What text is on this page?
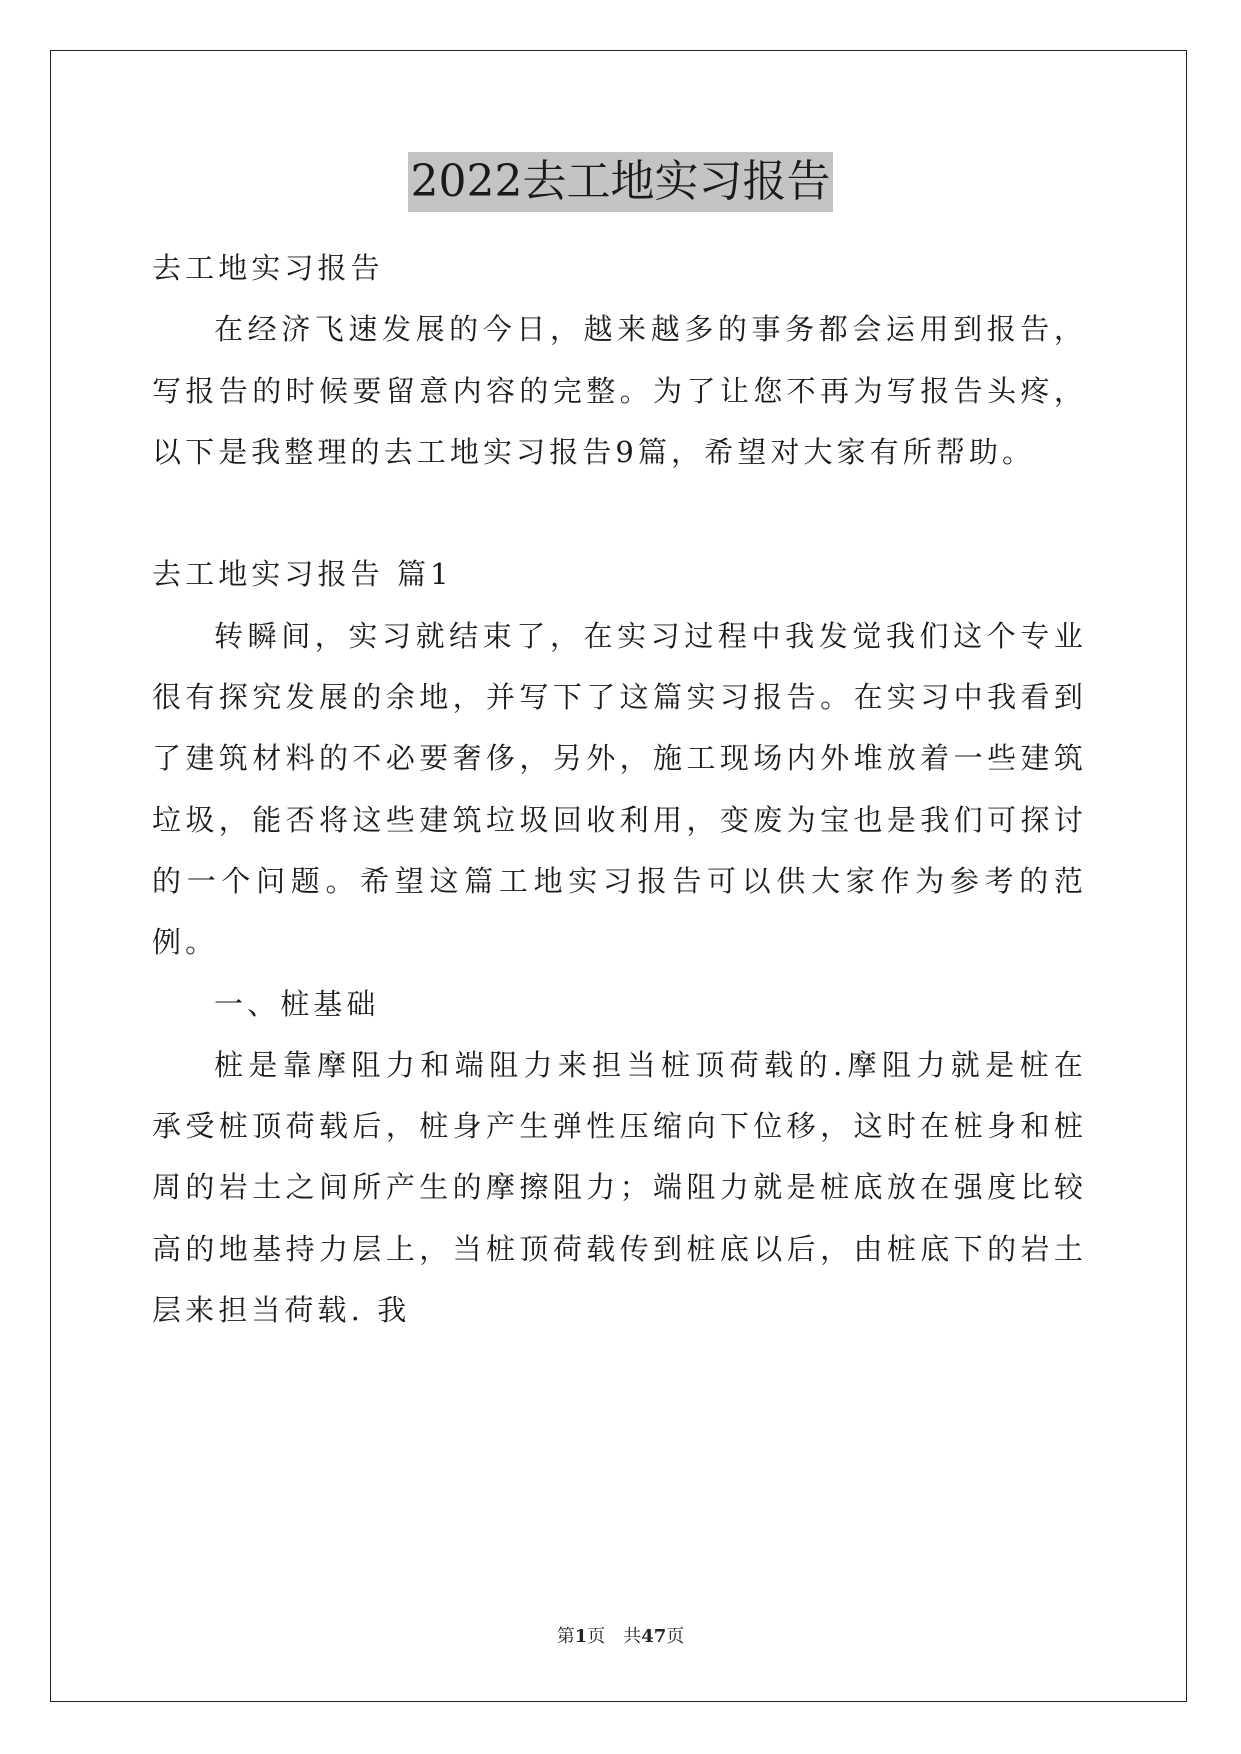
2022去工地实习报告

去工地实习报告

在经济飞速发展的今日，越来越多的事务都会运用到报告，写报告的时候要留意内容的完整。为了让您不再为写报告头疼，以下是我整理的去工地实习报告9篇，希望对大家有所帮助。

去工地实习报告 篇1

转瞬间，实习就结束了，在实习过程中我发觉我们这个专业很有探究发展的余地，并写下了这篇实习报告。在实习中我看到了建筑材料的不必要奢侈，另外，施工现场内外堆放着一些建筑垃圾，能否将这些建筑垃圾回收利用，变废为宝也是我们可探讨的一个问题。希望这篇工地实习报告可以供大家作为参考的范例。

一、桩基础

桩是靠摩阻力和端阻力来担当桩顶荷载的.摩阻力就是桩在承受桩顶荷载后，桩身产生弹性压缩向下位移，这时在桩身和桩周的岩土之间所产生的摩擦阻力；端阻力就是桩底放在强度比较高的地基持力层上，当桩顶荷载传到桩底以后，由桩底下的岩土层来担当荷载. 我

第1页　共47页
